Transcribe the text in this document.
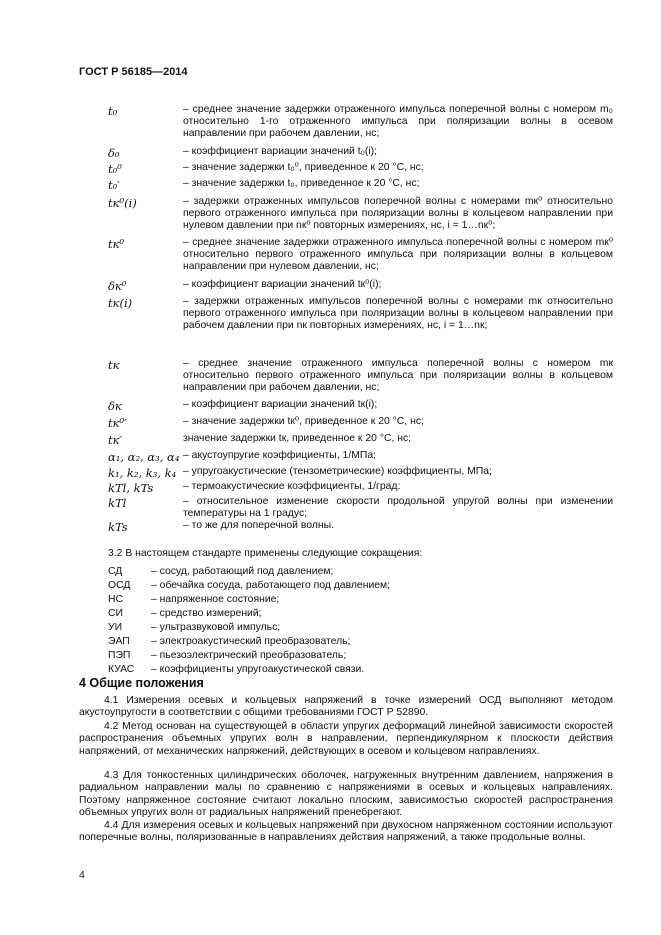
ГОСТ Р 56185—2014
t₀	– среднее значение задержки отраженного импульса поперечной волны с номером m₀ относительно 1-го отраженного импульса при поляризации волны в осевом направлении при рабочем давлении, нс;
δ₀	– коэффициент вариации значений t₀(i);
t₀⁰	– значение задержки t₀⁰, приведенное к 20 °С, нс;
t₀′	– значение задержки t₀, приведенное к 20 °С, нс;
tк⁰(i)	– задержки отраженных импульсов поперечной волны с номерами mк⁰ относительно первого отраженного импульса при поляризации волны в кольцевом направлении при нулевом давлении при nк⁰ повторных измерениях, нс, i = 1…nк⁰;
tк⁰	– среднее значение задержки отраженного импульса поперечной волны с номером mк⁰ относительно первого отраженного импульса при поляризации волны в кольцевом направлении при нулевом давлении, нс;
δк⁰	– коэффициент вариации значений tк⁰(i);
tк(i)	– задержки отраженных импульсов поперечной волны с номерами mк относительно первого отраженного импульса при поляризации волны в кольцевом направлении при рабочем давлении при nк повторных измерениях, нс, i = 1…nк;
tк	– среднее значение отраженного импульса поперечной волны с номером mк относительно первого отраженного импульса при поляризации волны в кольцевом направлении при рабочем давлении, нс;
δк	– коэффициент вариации значений tк(i);
tк⁰′	– значение задержки tк⁰, приведенное к 20 °С, нс;
tк′	значение задержки tк, приведенное к 20 °С, нс;
α₁, α₂, α₃, α₄ – акустоупругие коэффициенты, 1/МПа;
k₁, k₂, k₃, k₄ – упругоакустические (тензометрические) коэффициенты, МПа;
kTl, kTs	– термоакустические коэффициенты, 1/град:
kTl	– относительное изменение скорости продольной упругой волны при изменении температуры на 1 градус;
kTs	– то же для поперечной волны.
3.2 В настоящем стандарте применены следующие сокращения:
СД	– сосуд, работающий под давлением;
ОСД – обечайка сосуда, работающего под давлением;
НС	– напряженное состояние;
СИ	– средство измерений;
УИ	– ультразвуковой импульс;
ЭАП – электроакустический преобразователь;
ПЭП – пьезоэлектрический преобразователь;
КУАС – коэффициенты упругоакустической связи.
4 Общие положения
4.1 Измерения осевых и кольцевых напряжений в точке измерений ОСД выполняют методом акустоупругости в соответствии с общими требованиями ГОСТ Р 52890.
4.2 Метод основан на существующей в области упругих деформаций линейной зависимости скоростей распространения объемных упругих волн в направлении, перпендикулярном к плоскости действия напряжений, от механических напряжений, действующих в осевом и кольцевом направлениях.
4.3 Для тонкостенных цилиндрических оболочек, нагруженных внутренним давлением, напряжения в радиальном направлении малы по сравнению с напряжениями в осевых и кольцевых направлениях. Поэтому напряженное состояние считают локально плоским, зависимостью скоростей распространения объемных упругих волн от радиальных напряжений пренебрегают.
4.4 Для измерения осевых и кольцевых напряжений при двухосном напряженном состоянии используют поперечные волны, поляризованные в направлениях действия напряжений, а также продольные волны.
4
